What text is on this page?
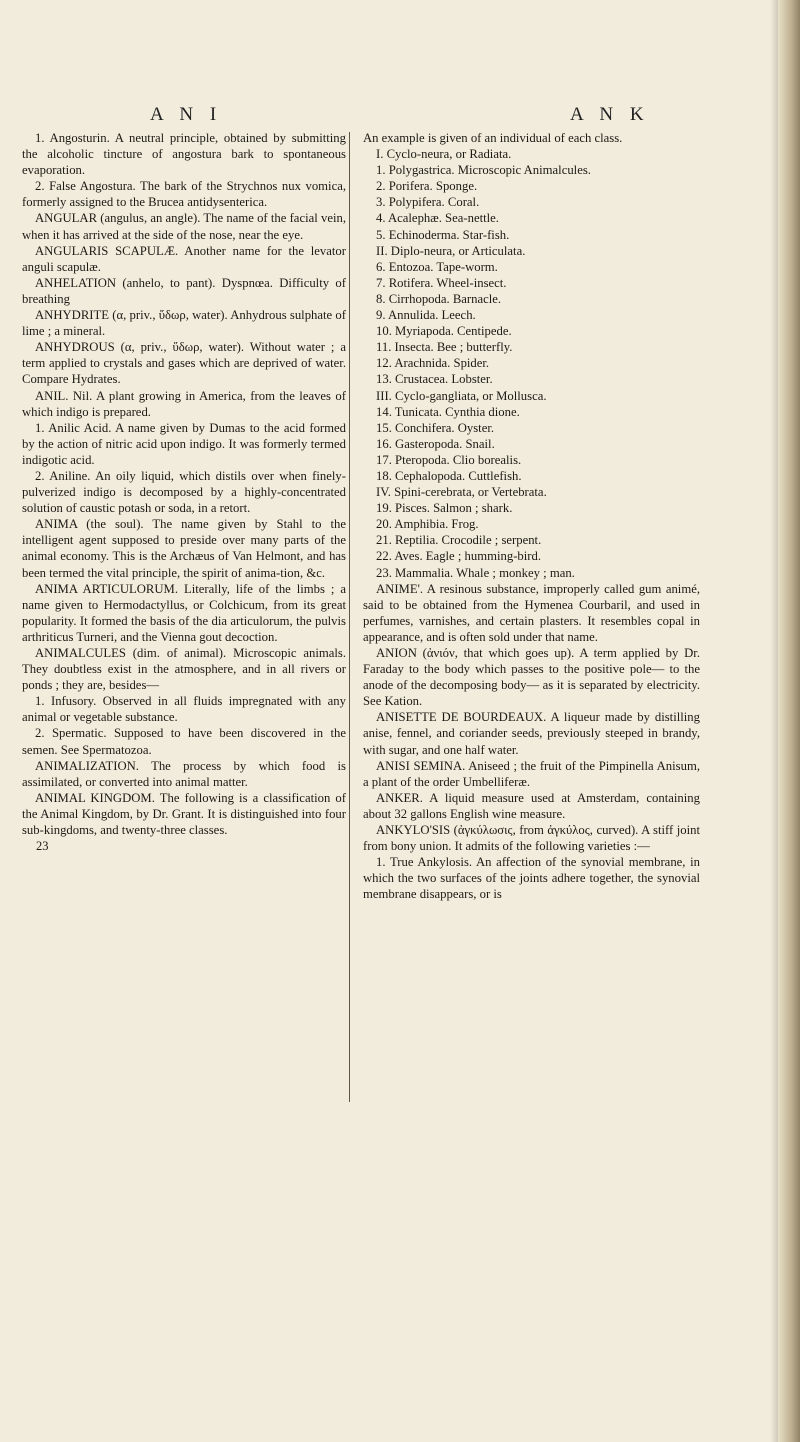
A N I	A N K

1. Angosturin. A neutral principle, obtained by submitting the alcoholic tincture of angostura bark to spontaneous evaporation.

2. False Angostura. The bark of the Strychnos nux vomica, formerly assigned to the Brucea antidysenterica.

ANGULAR (angulus, an angle). The name of the facial vein, when it has arrived at the side of the nose, near the eye.

ANGULARIS SCAPULÆ. Another name for the levator anguli scapulæ.

ANHELATION (anhelo, to pant). Dyspnœa. Difficulty of breathing

ANHYDRITE (α, priv., ὕδωρ, water). Anhydrous sulphate of lime ; a mineral.

ANHYDROUS (α, priv., ὕδωρ, water). Without water ; a term applied to crystals and gases which are deprived of water. Compare Hydrates.

ANIL. Nil. A plant growing in America, from the leaves of which indigo is prepared.

1. Anilic Acid. A name given by Dumas to the acid formed by the action of nitric acid upon indigo. It was formerly termed indigotic acid.

2. Aniline. An oily liquid, which distils over when finely-pulverized indigo is decomposed by a highly-concentrated solution of caustic potash or soda, in a retort.

ANIMA (the soul). The name given by Stahl to the intelligent agent supposed to preside over many parts of the animal economy. This is the Archæus of Van Helmont, and has been termed the vital principle, the spirit of anima-tion, &c.

ANIMA ARTICULORUM. Literally, life of the limbs ; a name given to Hermodactyllus, or Colchicum, from its great popularity. It formed the basis of the dia articulorum, the pulvis arthriticus Turneri, and the Vienna gout decoction.

ANIMALCULES (dim. of animal). Microscopic animals. They doubtless exist in the atmosphere, and in all rivers or ponds ; they are, besides—

1. Infusory. Observed in all fluids impregnated with any animal or vegetable substance.

2. Spermatic. Supposed to have been discovered in the semen. See Spermatozoa.

ANIMALIZATION. The process by which food is assimilated, or converted into animal matter.

ANIMAL KINGDOM. The following is a classification of the Animal Kingdom, by Dr. Grant. It is distinguished into four sub-kingdoms, and twenty-three classes.

23

An example is given of an individual of each class.

I. Cyclo-neura, or Radiata.

1. Polygastrica. Microscopic Animalcules.

2. Porifera. Sponge.

3. Polypifera. Coral.

4. Acalephæ. Sea-nettle.

5. Echinoderma. Star-fish.

II. Diplo-neura, or Articulata.

6. Entozoa. Tape-worm.

7. Rotifera. Wheel-insect.

8. Cirrhopoda. Barnacle.

9. Annulida. Leech.

10. Myriapoda. Centipede.

11. Insecta. Bee ; butterfly.

12. Arachnida. Spider.

13. Crustacea. Lobster.

III. Cyclo-gangliata, or Mollusca.

14. Tunicata. Cynthia dione.

15. Conchifera. Oyster.

16. Gasteropoda. Snail.

17. Pteropoda. Clio borealis.

18. Cephalopoda. Cuttlefish.

IV. Spini-cerebrata, or Vertebrata.

19. Pisces. Salmon ; shark.

20. Amphibia. Frog.

21. Reptilia. Crocodile ; serpent.

22. Aves. Eagle ; humming-bird.

23. Mammalia. Whale ; monkey ; man.

ANIME'. A resinous substance, improperly called gum animé, said to be obtained from the Hymenea Courbaril, and used in perfumes, varnishes, and certain plasters. It resembles copal in appearance, and is often sold under that name.

ANION (ἀνιόν, that which goes up). A term applied by Dr. Faraday to the body which passes to the positive pole— to the anode of the decomposing body— as it is separated by electricity. See Kation.

ANISETTE DE BOURDEAUX. A liqueur made by distilling anise, fennel, and coriander seeds, previously steeped in brandy, with sugar, and one half water.

ANISI SEMINA. Aniseed ; the fruit of the Pimpinella Anisum, a plant of the order Umbelliferæ.

ANKER. A liquid measure used at Amsterdam, containing about 32 gallons English wine measure.

ANKYLO'SIS (ἀγκύλωσις, from ἀγκύλος, curved). A stiff joint from bony union. It admits of the following varieties :—

1. True Ankylosis. An affection of the synovial membrane, in which the two surfaces of the joints adhere together, the synovial membrane disappears, or is
